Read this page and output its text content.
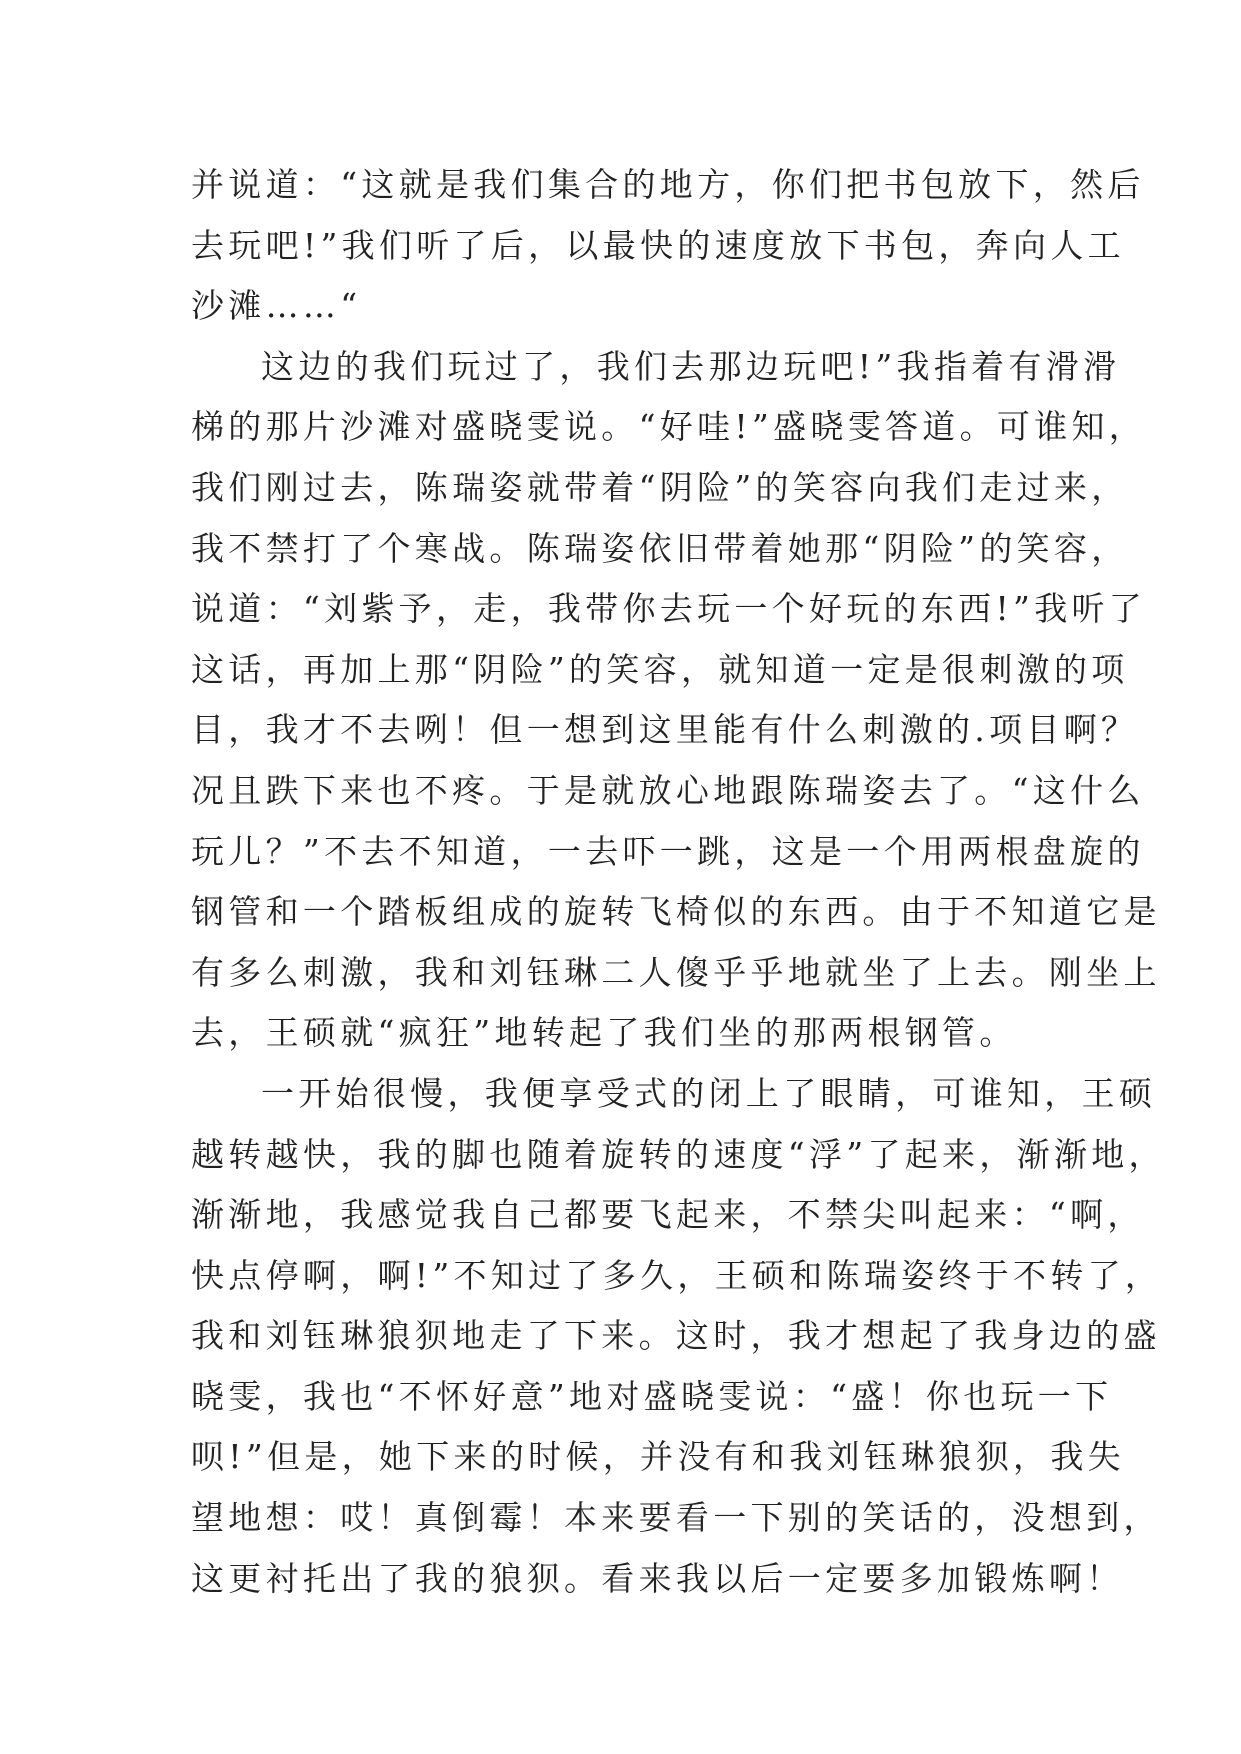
并说道：“这就是我们集合的地方，你们把书包放下，然后
去玩吧!”我们听了后，以最快的速度放下书包，奔向人工
沙滩……“
这边的我们玩过了，我们去那边玩吧!”我指着有滑滑
梯的那片沙滩对盛晓雯说。“好哇!”盛晓雯答道。可谁知，
我们刚过去，陈瑞姿就带着“阴险”的笑容向我们走过来，
我不禁打了个寒战。陈瑞姿依旧带着她那“阴险”的笑容，
说道：“刘紫予，走，我带你去玩一个好玩的东西!”我听了
这话，再加上那“阴险”的笑容，就知道一定是很刺激的项
目，我才不去咧！但一想到这里能有什么刺激的.项目啊？
况且跌下来也不疼。于是就放心地跟陈瑞姿去了。“这什么
玩儿？”不去不知道，一去吓一跳，这是一个用两根盘旋的
钢管和一个踏板组成的旋转飞椅似的东西。由于不知道它是
有多么刺激，我和刘钰琳二人傻乎乎地就坐了上去。刚坐上
去，王硕就“疯狂”地转起了我们坐的那两根钢管。
一开始很慢，我便享受式的闭上了眼睛，可谁知，王硕
越转越快，我的脚也随着旋转的速度“浮”了起来，渐渐地，
渐渐地，我感觉我自己都要飞起来，不禁尖叫起来：“啊，
快点停啊，啊!”不知过了多久，王硕和陈瑞姿终于不转了，
我和刘钰琳狼狈地走了下来。这时，我才想起了我身边的盛
晓雯，我也“不怀好意”地对盛晓雯说：“盛！你也玩一下
呗!”但是，她下来的时候，并没有和我刘钰琳狼狈，我失
望地想：哎！真倒霉！本来要看一下别的笑话的，没想到，
这更衬托出了我的狼狈。看来我以后一定要多加锻炼啊！
